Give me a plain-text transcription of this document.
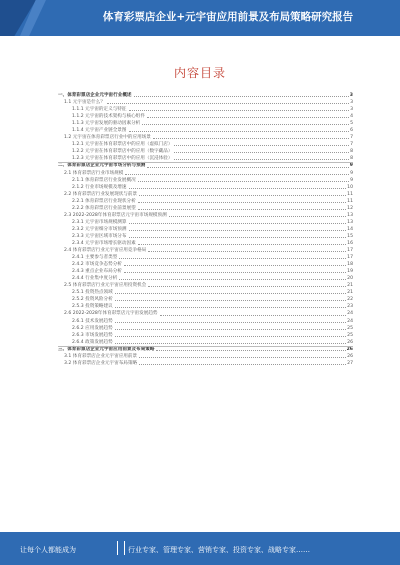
体育彩票店企业+元宇宙应用前景及布局策略研究报告
内容目录
一、体育彩票店企业元宇宙行业概述	3
1.1 元宇宙是什么？	3
1.1.1 元宇宙的定义与特征	3
1.1.2 元宇宙的技术架构与核心组件	4
1.1.3 元宇宙发展的驱动因素分析	5
1.1.4 元宇宙产业链全景图	6
1.2 元宇宙在体育彩票店行业中的应用场景	7
1.2.1 元宇宙在体育彩票店中的应用（虚拟门店）	7
1.2.2 元宇宙在体育彩票店中的应用（数字藏品）	8
1.2.3 元宇宙在体育彩票店中的应用（沉浸体验）	8
二、体育彩票店企业元宇宙市场分析与预测	9
2.1 体育彩票店行业市场规模	9
2.1.1 体育彩票店行业发展概况	9
2.1.2 行业市场规模及增速	10
2.2 体育彩票店行业发展现状与前景	11
2.2.1 体育彩票店行业现状分析	11
2.2.2 体育彩票店行业前景展望	12
2.3 2022-2028年体育彩票店元宇宙市场规模预测	13
2.3.1 元宇宙市场规模测算	13
2.3.2 元宇宙细分市场预测	14
2.3.3 元宇宙区域市场分布	15
2.3.4 元宇宙市场增长驱动因素	16
2.4 体育彩票店行业元宇宙应用竞争格局	17
2.4.1 主要参与者类型	17
2.4.2 市场竞争态势分析	18
2.4.3 重点企业布局分析	19
2.4.4 行业集中度分析	20
2.5 体育彩票店行业元宇宙应用投资机会	21
2.5.1 投资热点领域	21
2.5.2 投资风险分析	22
2.5.3 投资策略建议	23
2.6 2022-2028年体育彩票店元宇宙发展趋势	24
2.6.1 技术发展趋势	24
2.6.2 应用发展趋势	25
2.6.3 市场发展趋势	25
2.6.4 政策发展趋势	26
三、体育彩票店企业元宇宙应用前景及布局策略	26
3.1 体育彩票店企业元宇宙应用前景	26
3.2 体育彩票店企业元宇宙布局策略	27
让每个人都能成为	行业专家、管理专家、营销专家、投资专家、战略专家……
